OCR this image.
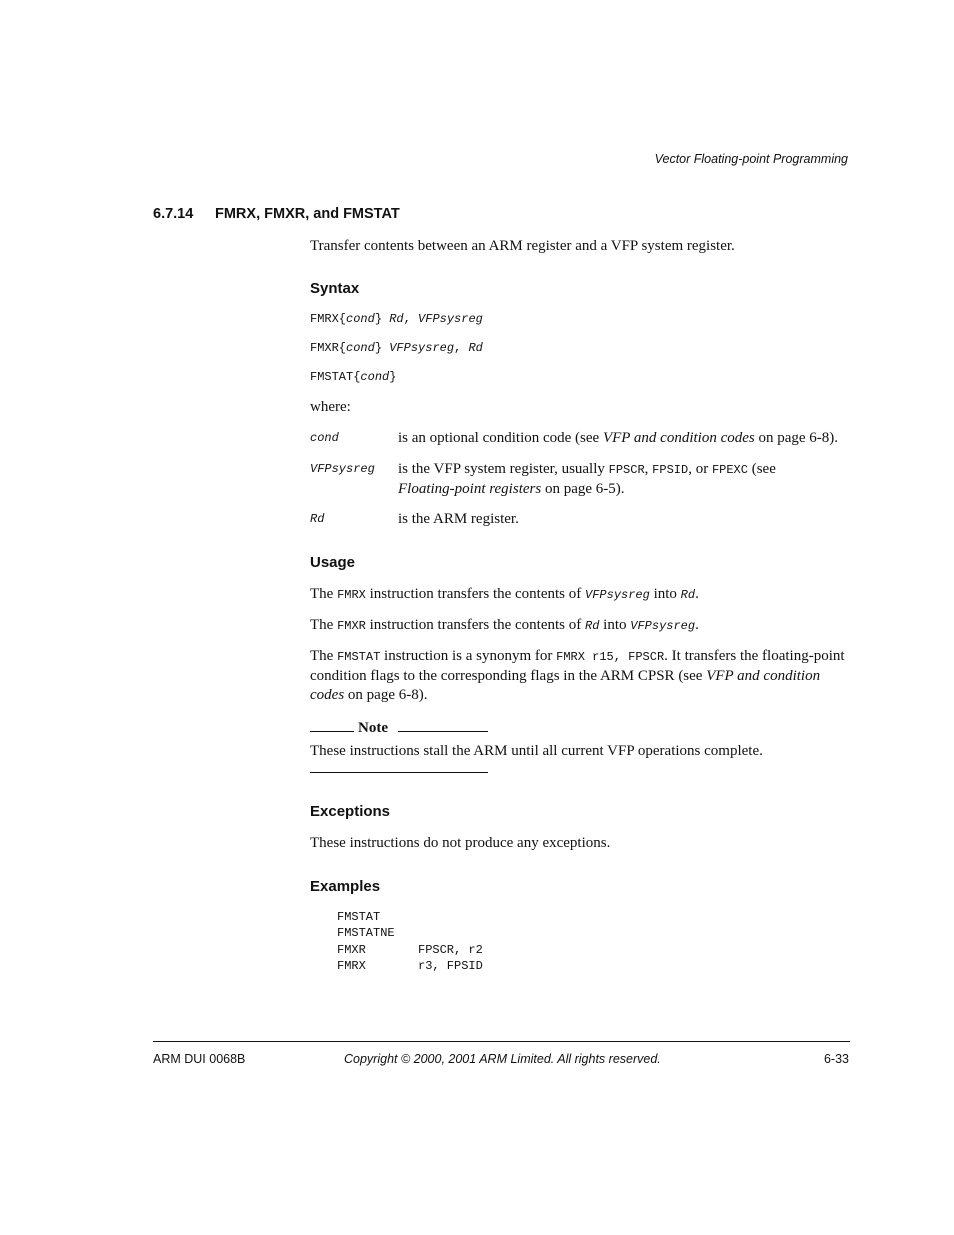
Vector Floating-point Programming
6.7.14 FMRX, FMXR, and FMSTAT
Transfer contents between an ARM register and a VFP system register.
Syntax
FMRX{cond} Rd, VFPsysreg
FMXR{cond} VFPsysreg, Rd
FMSTAT{cond}
where:
cond	is an optional condition code (see VFP and condition codes on page 6-8).
VFPsysreg is the VFP system register, usually FPSCR, FPSID, or FPEXC (see
Floating-point registers on page 6-5).
Rd	is the ARM register.
Usage
The FMRX instruction transfers the contents of VFPsysreg into Rd.
The FMXR instruction transfers the contents of Rd into VFPsysreg.
The FMSTAT instruction is a synonym for FMRX r15, FPSCR. It transfers the floating-point condition flags to the corresponding flags in the ARM CPSR (see VFP and condition codes on page 6-8).
Note
These instructions stall the ARM until all current VFP operations complete.
Exceptions
These instructions do not produce any exceptions.
Examples
FMSTAT
FMSTATNE
FMXR	FPSCR, r2
FMRX	r3, FPSID
ARM DUI 0068B	Copyright © 2000, 2001 ARM Limited. All rights reserved.	6-33
